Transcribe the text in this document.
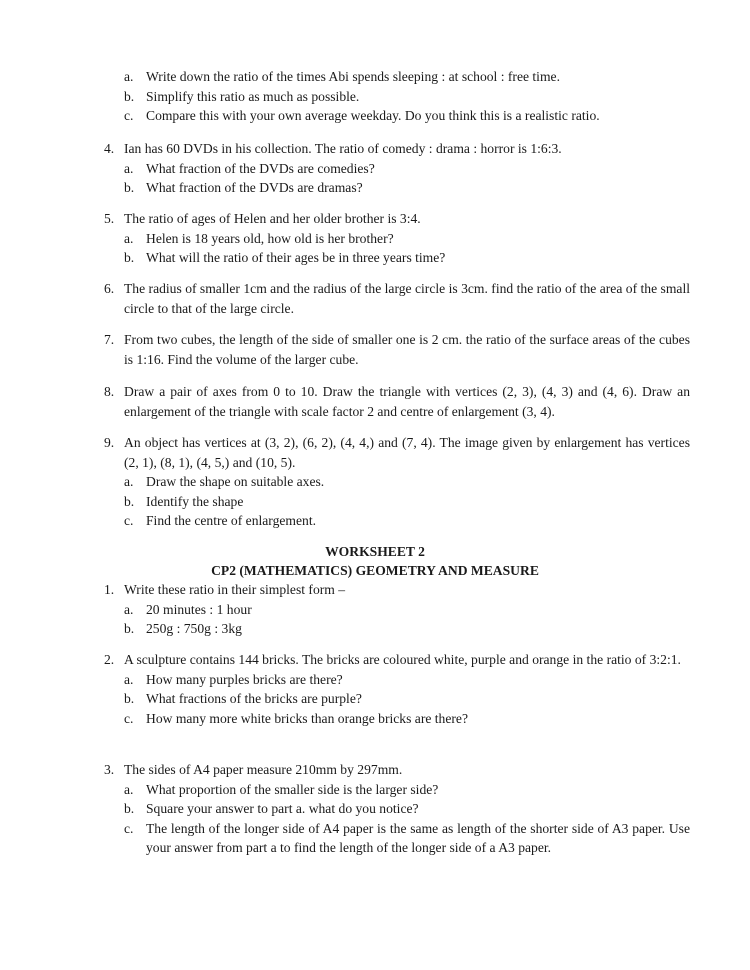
a. Write down the ratio of the times Abi spends sleeping : at school : free time.
b. Simplify this ratio as much as possible.
c. Compare this with your own average weekday. Do you think this is a realistic ratio.
4. Ian has 60 DVDs in his collection. The ratio of comedy : drama : horror is 1:6:3.
a. What fraction of the DVDs are comedies?
b. What fraction of the DVDs are dramas?
5. The ratio of ages of Helen and her older brother is 3:4.
a. Helen is 18 years old, how old is her brother?
b. What will the ratio of their ages be in three years time?
6. The radius of smaller 1cm and the radius of the large circle is 3cm. find the ratio of the area of the small circle to that of the large circle.
7. From two cubes, the length of the side of smaller one is 2 cm. the ratio of the surface areas of the cubes is 1:16. Find the volume of the larger cube.
8. Draw a pair of axes from 0 to 10. Draw the triangle with vertices (2, 3), (4, 3) and (4, 6). Draw an enlargement of the triangle with scale factor 2 and centre of enlargement (3, 4).
9. An object has vertices at (3, 2), (6, 2), (4, 4,) and (7, 4). The image given by enlargement has vertices (2, 1), (8, 1), (4, 5,) and (10, 5).
a. Draw the shape on suitable axes.
b. Identify the shape
c. Find the centre of enlargement.
WORKSHEET 2
CP2 (MATHEMATICS) GEOMETRY AND MEASURE
1. Write these ratio in their simplest form –
a. 20 minutes : 1 hour
b. 250g : 750g : 3kg
2. A sculpture contains 144 bricks. The bricks are coloured white, purple and orange in the ratio of 3:2:1.
a. How many purples bricks are there?
b. What fractions of the bricks are purple?
c. How many more white bricks than orange bricks are there?
3. The sides of A4 paper measure 210mm by 297mm.
a. What proportion of the smaller side is the larger side?
b. Square your answer to part a. what do you notice?
c. The length of the longer side of A4 paper is the same as length of the shorter side of A3 paper. Use your answer from part a to find the length of the longer side of a A3 paper.
